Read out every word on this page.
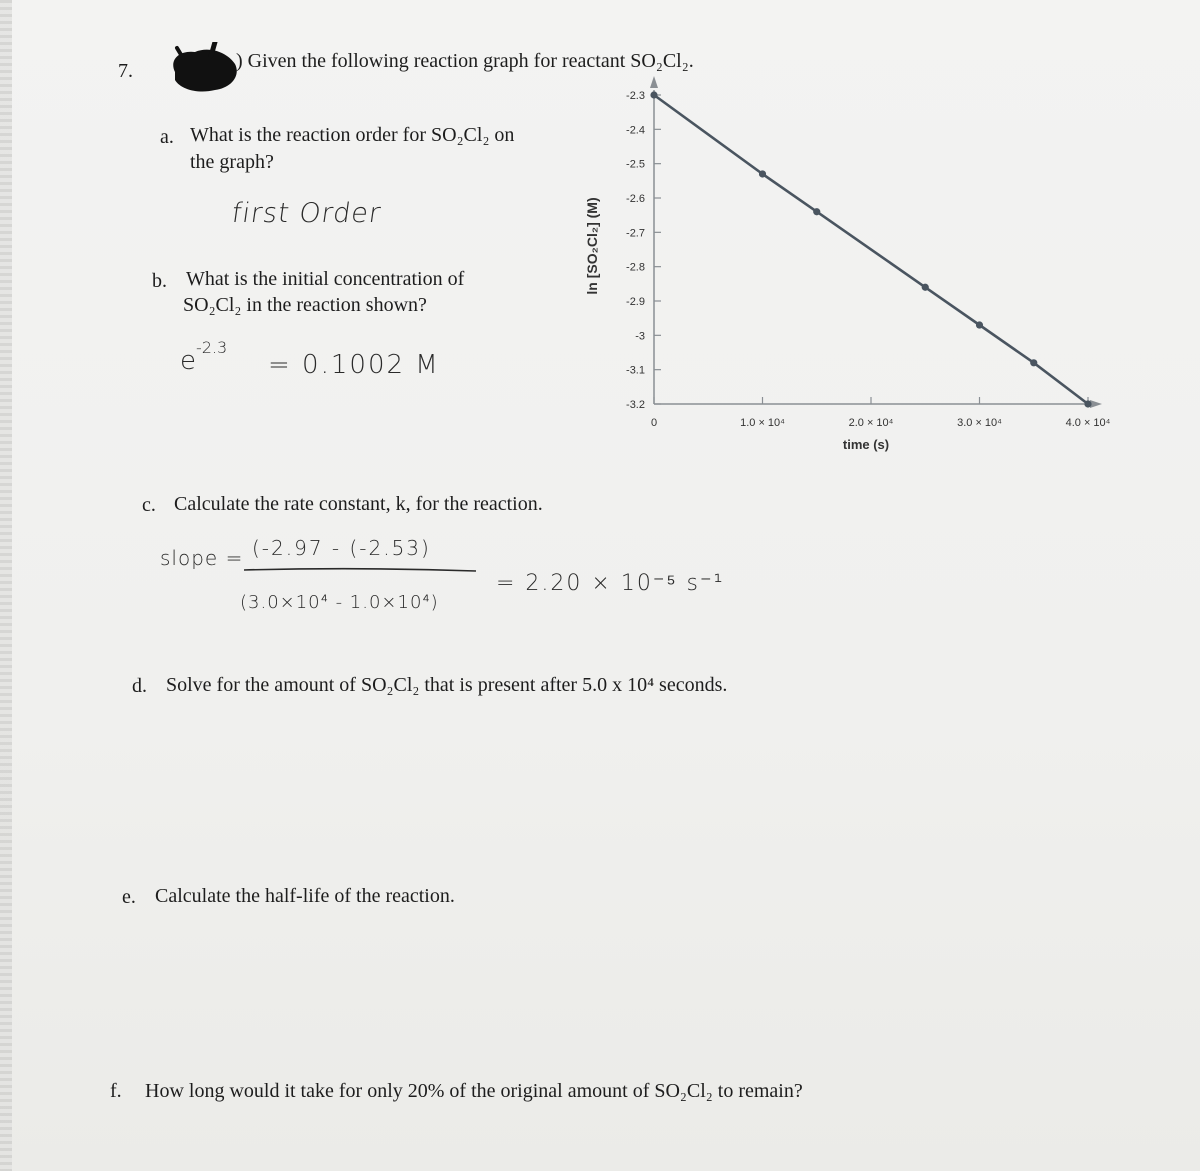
7.	) Given the following reaction graph for reactant SO₂Cl₂.
a. What is the reaction order for SO₂Cl₂ on
the graph?
first Order
b. What is the initial concentration of
SO₂Cl₂ in the reaction shown?
e -2.3
= 0.1002 M
-2.3
-2.4
-2.5
-2.6
-2.7
-2.8
-2.9
-3
-3.1
-3.2
0	1.0 × 10⁴	2.0 × 10⁴	3.0 × 10⁴	4.0 × 10⁴
time (s)
ln [SO₂Cl₂] (M)
c. Calculate the rate constant, k, for the reaction.
slope = (-2.97 - (-2.53)
(3.0×10⁴ - 1.0×10⁴)
= 2.20 × 10⁻⁵ s⁻¹
d. Solve for the amount of SO₂Cl₂ that is present after 5.0 x 10⁴ seconds.
e. Calculate the half-life of the reaction.
f. How long would it take for only 20% of the original amount of SO₂Cl₂ to remain?
